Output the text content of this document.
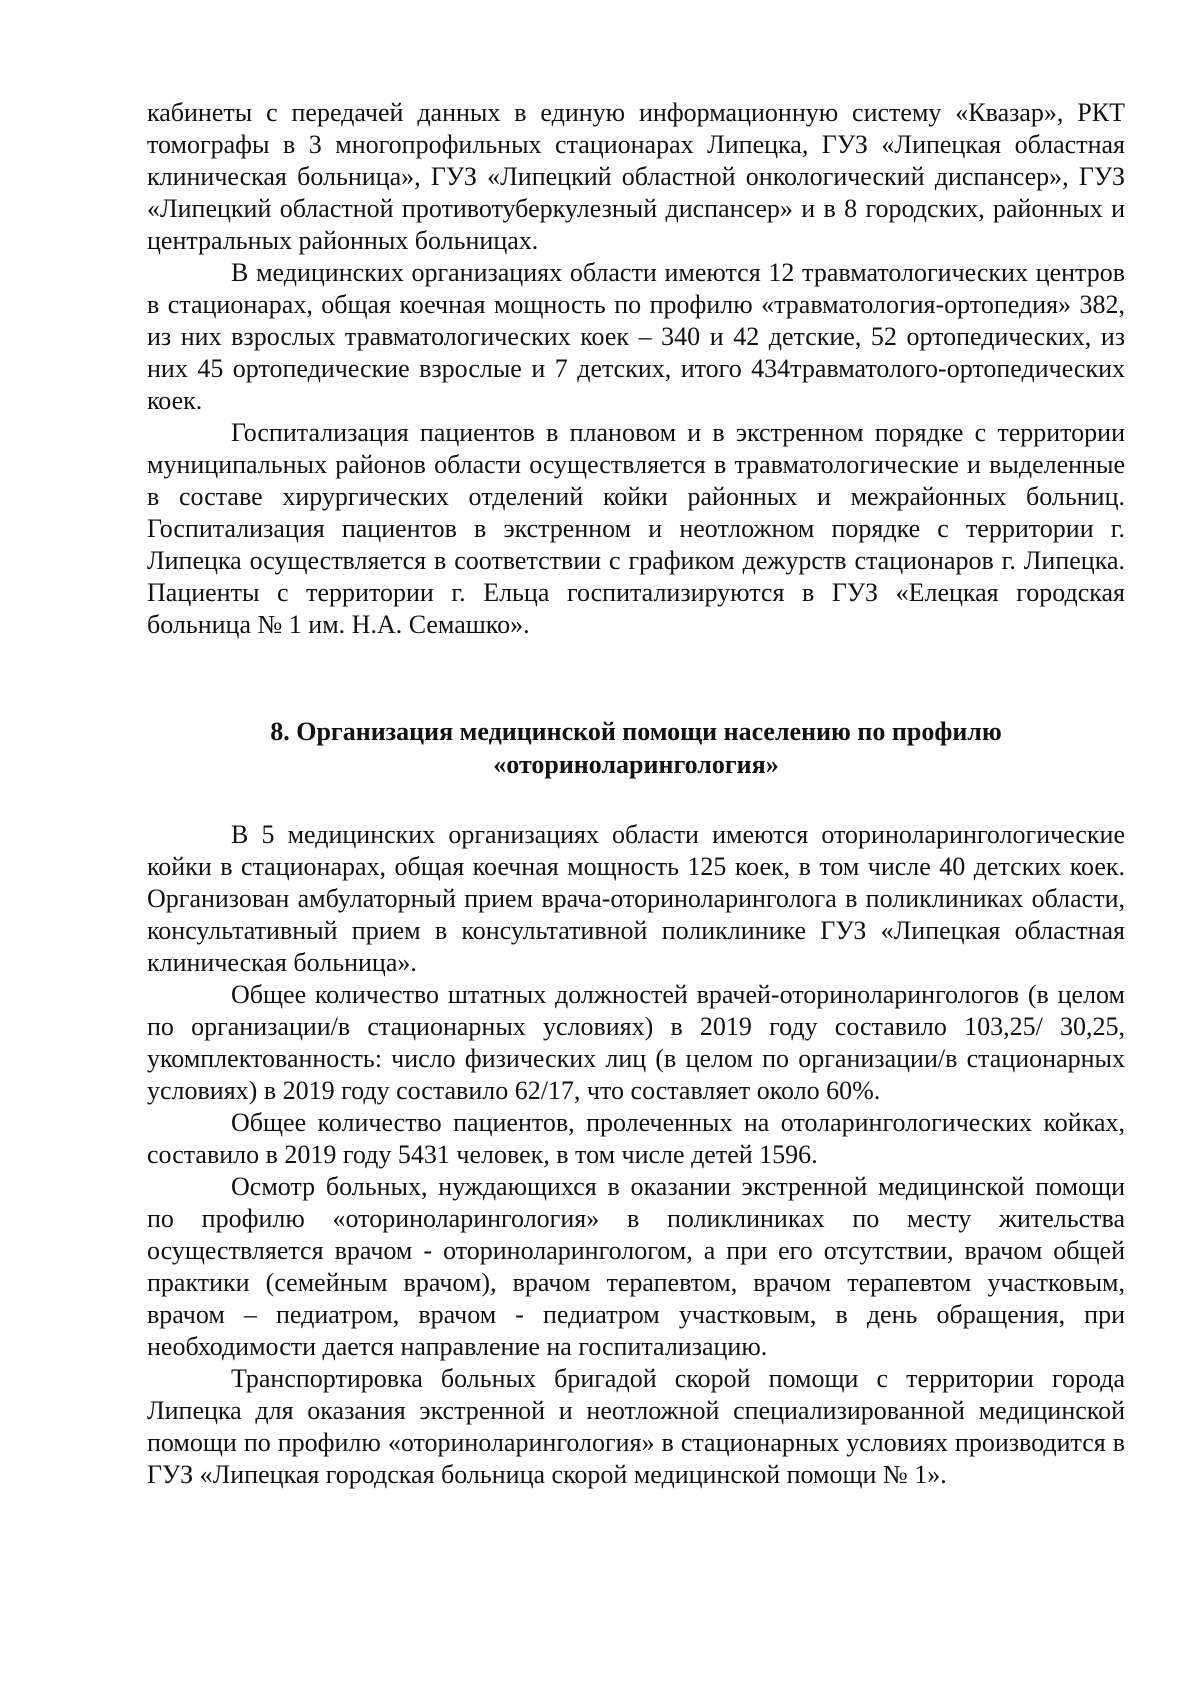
кабинеты с передачей данных в единую информационную систему «Квазар», РКТ томографы в 3 многопрофильных стационарах Липецка, ГУЗ «Липецкая областная клиническая больница», ГУЗ «Липецкий областной онкологический диспансер», ГУЗ «Липецкий областной противотуберкулезный диспансер» и в 8 городских, районных и центральных районных больницах.

В медицинских организациях области имеются 12 травматологических центров в стационарах, общая коечная мощность по профилю «травматология-ортопедия» 382, из них взрослых травматологических коек – 340 и 42 детские, 52 ортопедических, из них 45 ортопедические взрослые и 7 детских, итого 434травматолого-ортопедических коек.

Госпитализация пациентов в плановом и в экстренном порядке с территории муниципальных районов области осуществляется в травматологические и выделенные в составе хирургических отделений койки районных и межрайонных больниц. Госпитализация пациентов в экстренном и неотложном порядке с территории г. Липецка осуществляется в соответствии с графиком дежурств стационаров г. Липецка. Пациенты с территории г. Ельца госпитализируются в ГУЗ «Елецкая городская больница № 1 им. Н.А. Семашко».

8. Организация медицинской помощи населению по профилю
«оториноларингология»

В 5 медицинских организациях области имеются оториноларингологические койки в стационарах, общая коечная мощность 125 коек, в том числе 40 детских коек. Организован амбулаторный прием врача-оториноларинголога в поликлиниках области, консультативный прием в консультативной поликлинике ГУЗ «Липецкая областная клиническая больница».

Общее количество штатных должностей врачей-оториноларингологов (в целом по организации/в стационарных условиях) в 2019 году составило 103,25/ 30,25, укомплектованность: число физических лиц (в целом по организации/в стационарных условиях) в 2019 году составило 62/17, что составляет около 60%.

Общее количество пациентов, пролеченных на отоларингологических койках, составило в 2019 году 5431 человек, в том числе детей 1596.

Осмотр больных, нуждающихся в оказании экстренной медицинской помощи по профилю «оториноларингология» в поликлиниках по месту жительства осуществляется врачом - оториноларингологом, а при его отсутствии, врачом общей практики (семейным врачом), врачом терапевтом, врачом терапевтом участковым, врачом – педиатром, врачом - педиатром участковым, в день обращения, при необходимости дается направление на госпитализацию.

Транспортировка больных бригадой скорой помощи с территории города Липецка для оказания экстренной и неотложной специализированной медицинской помощи по профилю «оториноларингология» в стационарных условиях производится в ГУЗ «Липецкая городская больница скорой медицинской помощи № 1».
